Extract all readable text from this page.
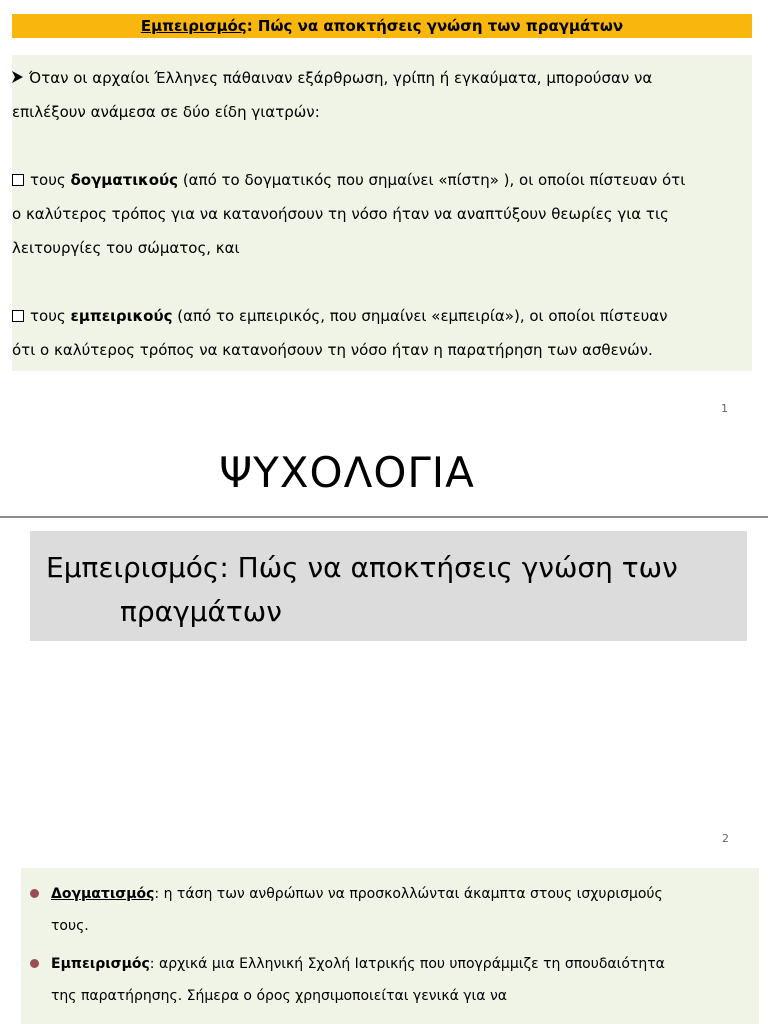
Εμπειρισμός: Πώς να αποκτήσεις γνώση των πραγμάτων

Όταν οι αρχαίοι Έλληνες πάθαιναν εξάρθρωση, γρίπη ή εγκαύματα, μπορούσαν να
επιλέξουν ανάμεσα σε δύο είδη γιατρών:

τους δογματικούς (από το δογματικός που σημαίνει «πίστη» ), οι οποίοι πίστευαν ότι
ο καλύτερος τρόπος για να κατανοήσουν τη νόσο ήταν να αναπτύξουν θεωρίες για τις
λειτουργίες του σώματος, και

τους εμπειρικούς (από το εμπειρικός, που σημαίνει «εμπειρία»), οι οποίοι πίστευαν
ότι ο καλύτερος τρόπος να κατανοήσουν τη νόσο ήταν η παρατήρηση των ασθενών.

1
ΨΥΧΟΛΟΓΙΑ
Εμπειρισμός: Πώς να αποκτήσεις γνώση των
πραγμάτων
2
Δογματισμός: η τάση των ανθρώπων να προσκολλώνται άκαμπτα στους ισχυρισμούς
τους.
Εμπειρισμός: αρχικά μια Ελληνική Σχολή Ιατρικής που υπογράμμιζε τη σπουδαιότητα
της παρατήρησης. Σήμερα ο όρος χρησιμοποιείται γενικά για να
